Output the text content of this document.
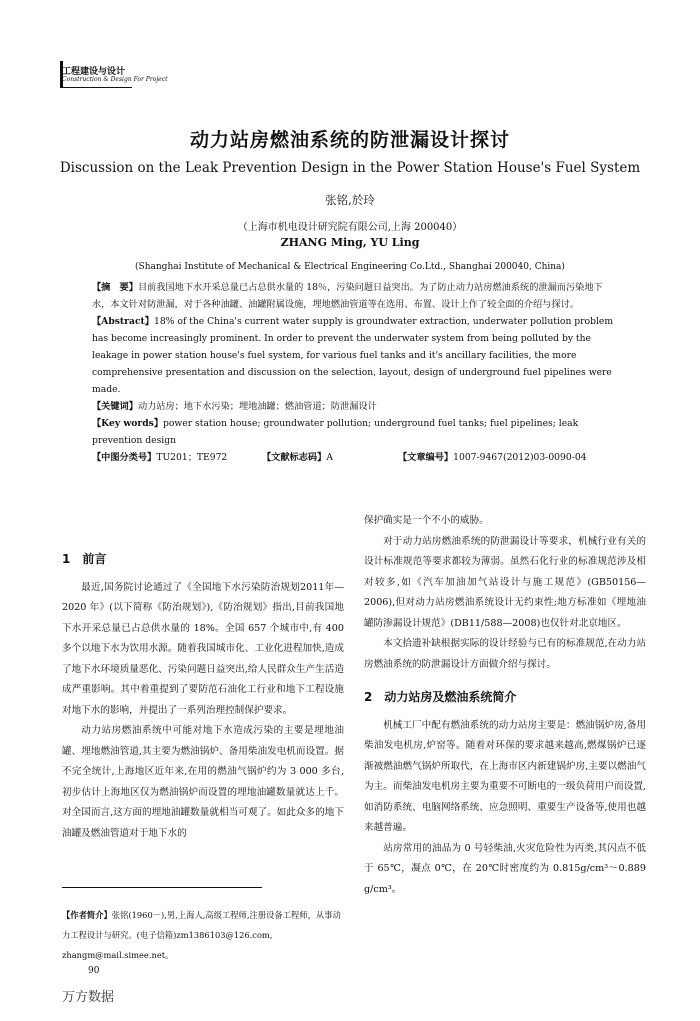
工程建设与设计
Construction & Design For Project
动力站房燃油系统的防泄漏设计探讨
Discussion on the Leak Prevention Design in the Power Station House's Fuel System
张铭,於玲
（上海市机电设计研究院有限公司,上海 200040）
ZHANG Ming, YU Ling
(Shanghai Institute of Mechanical & Electrical Engineering Co.Ltd., Shanghai 200040, China)

【摘　要】目前我国地下水开采总量已占总供水量的 18％，污染问题日益突出。为了防止动力站房燃油系统的泄漏而污染地下水，本文针对防泄漏，对于各种油罐、油罐附属设施，埋地燃油管道等在选用、布置、设计上作了较全面的介绍与探讨。

【Abstract】18% of the China's current water supply is groundwater extraction, underwater pollution problem has become increasingly prominent. In order to prevent the underwater system from being polluted by the leakage in power station house's fuel system, for various fuel tanks and it's ancillary facilities, the more comprehensive presentation and discussion on the selection, layout, design of underground fuel pipelines were made.

【关键词】动力站房；地下水污染；埋地油罐；燃油管道；防泄漏设计

【Key words】power station house; groundwater pollution; underground fuel tanks; fuel pipelines; leak prevention design

【中图分类号】TU201；TE972	【文献标志码】A	【文章编号】1007-9467(2012)03-0090-04

1　前言

最近,国务院讨论通过了《全国地下水污染防治规划2011年—2020 年》(以下简称《防治规划》),《防治规划》指出,目前我国地下水开采总量已占总供水量的 18%。全国 657 个城市中,有 400 多个以地下水为饮用水源。随着我国城市化、工业化进程加快,造成了地下水环境质量恶化、污染问题日益突出,给人民群众生产生活造成严重影响。其中着重提到了要防范石油化工行业和地下工程设施对地下水的影响，并提出了一系列治理控制保护要求。

动力站房燃油系统中可能对地下水造成污染的主要是埋地油罐、埋地燃油管道,其主要为燃油锅炉、备用柴油发电机而设置。据不完全统计,上海地区近年来,在用的燃油气锅炉约为 3 000 多台,初步估计上海地区仅为燃油锅炉而设置的埋地油罐数量就达上千。对全国而言,这方面的埋地油罐数量就相当可观了。如此众多的地下油罐及燃油管道对于地下水的

【作者简介】张铭(1960－),男,上海人,高级工程师,注册设备工程师，从事动力工程设计与研究。(电子信箱)zm1386103@126.com, zhangm@mail.simee.net。

90

保护确实是一个不小的威胁。

对于动力站房燃油系统的防泄漏设计等要求，机械行业有关的设计标准规范等要求都较为薄弱。虽然石化行业的标准规范涉及相对较多,如《汽车加油加气站设计与施工规范》(GB50156—2006),但对动力站房燃油系统设计无约束性;地方标准如《埋地油罐防渗漏设计规范》(DB11/588—2008)也仅针对北京地区。

本文拾遗补缺根据实际的设计经验与已有的标准规范,在动力站房燃油系统的防泄漏设计方面做介绍与探讨。

2　动力站房及燃油系统简介

机械工厂中配有燃油系统的动力站房主要是：燃油锅炉房,备用柴油发电机房,炉窑等。随着对环保的要求越来越高,燃煤锅炉已逐渐被燃油燃气锅炉所取代，在上海市区内新建锅炉房,主要以燃油气为主。而柴油发电机房主要为重要不可断电的一级负荷用户而设置,如消防系统、电脑网络系统、应急照明、重要生产设备等,使用也越来越普遍。

站房常用的油品为 0 号轻柴油,火灾危险性为丙类,其闪点不低于 65℃，凝点 0℃，在 20℃时密度约为 0.815g/cm³～0.889 g/cm³。

万方数据
